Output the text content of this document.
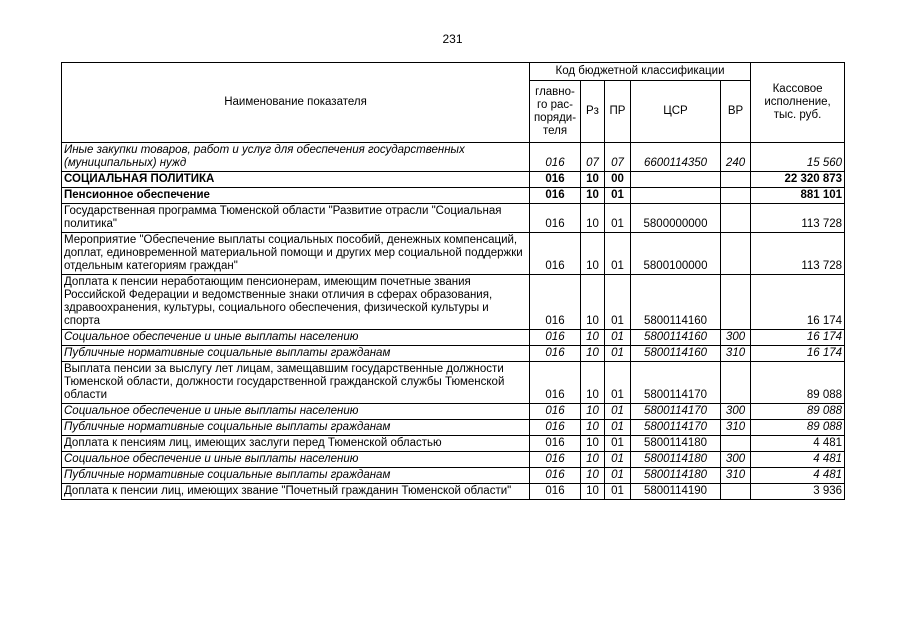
231
Наименование показателя	Код бюджетной классификации					Кассовое исполнение, тыс. руб.
	главно-го рас-поряди-теля	Рз	ПР	ЦСР	ВР	
Иные закупки товаров, работ и услуг для обеспечения государственных (муниципальных) нужд	016	07	07	6600114350	240	15 560
СОЦИАЛЬНАЯ ПОЛИТИКА	016	10	00			22 320 873
Пенсионное обеспечение	016	10	01			881 101
Государственная программа Тюменской области "Развитие отрасли "Социальная политика"	016	10	01	5800000000		113 728
Мероприятие "Обеспечение выплаты социальных пособий, денежных компенсаций, доплат, единовременной материальной помощи и других мер социальной поддержки отдельным категориям граждан"	016	10	01	5800100000		113 728
Доплата к пенсии неработающим пенсионерам, имеющим почетные звания Российской Федерации и ведомственные знаки отличия в сферах образования, здравоохранения, культуры, социального обеспечения, физической культуры и спорта	016	10	01	5800114160		16 174
Социальное обеспечение и иные выплаты населению	016	10	01	5800114160	300	16 174
Публичные нормативные социальные выплаты гражданам	016	10	01	5800114160	310	16 174
Выплата пенсии за выслугу лет лицам, замещавшим государственные должности Тюменской области, должности государственной гражданской службы Тюменской области	016	10	01	5800114170		89 088
Социальное обеспечение и иные выплаты населению	016	10	01	5800114170	300	89 088
Публичные нормативные социальные выплаты гражданам	016	10	01	5800114170	310	89 088
Доплата к пенсиям лиц, имеющих заслуги перед Тюменской областью	016	10	01	5800114180		4 481
Социальное обеспечение и иные выплаты населению	016	10	01	5800114180	300	4 481
Публичные нормативные социальные выплаты гражданам	016	10	01	5800114180	310	4 481
Доплата к пенсии лиц, имеющих звание "Почетный гражданин Тюменской области"	016	10	01	5800114190		3 936
